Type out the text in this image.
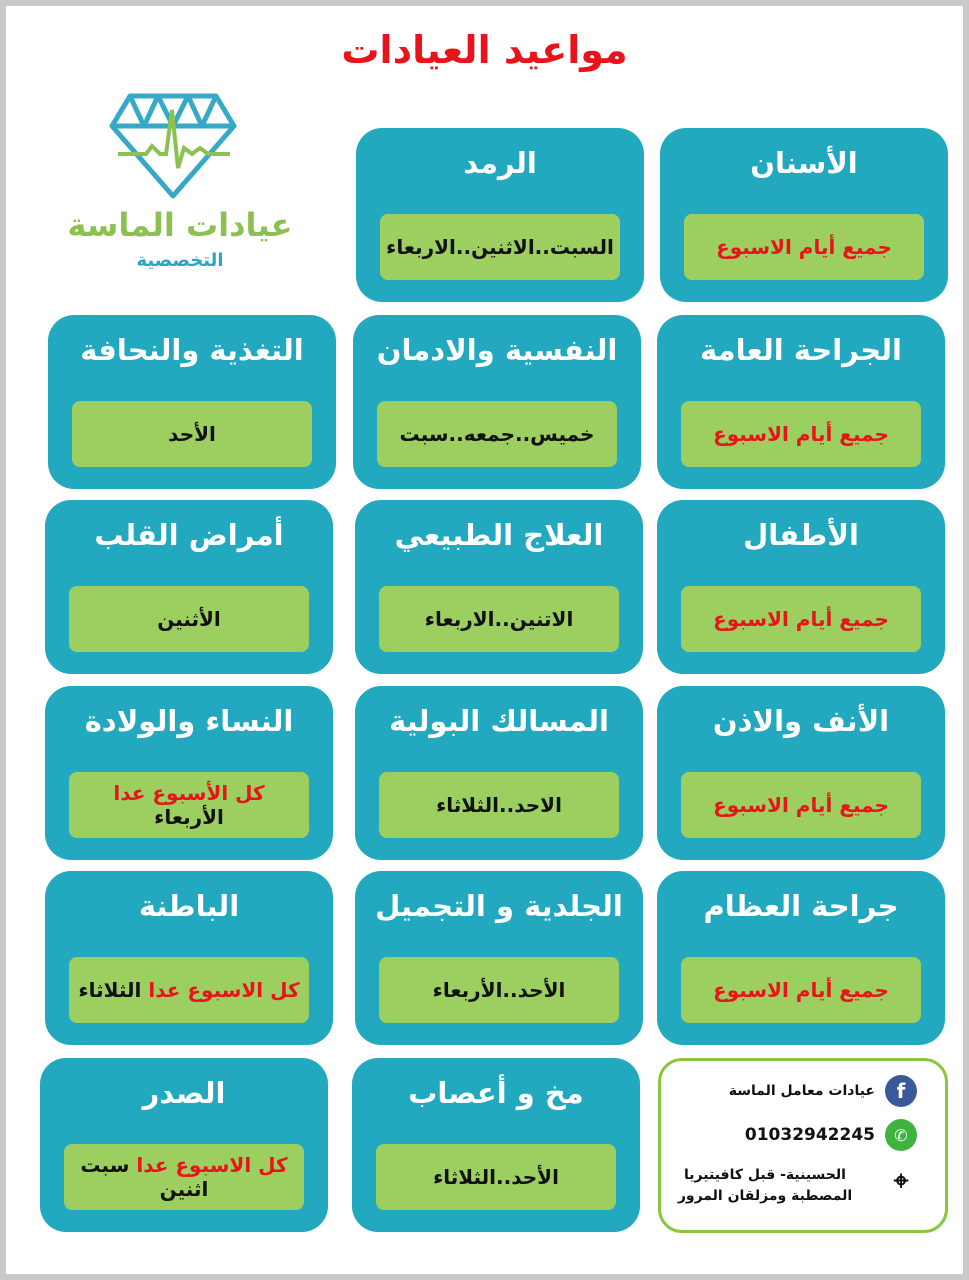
مواعيد العيادات
عيادات الماسة
التخصصية
الأسنان
جميع أيام الاسبوع
الرمد
السبت..الاثنين..الاربعاء
الجراحة العامة
جميع أيام الاسبوع
النفسية والادمان
خميس..جمعه..سبت
التغذية والنحافة
الأحد
الأطفال
جميع أيام الاسبوع
العلاج الطبيعي
الاتنين..الاربعاء
أمراض القلب
الأثنين
الأنف والاذن
جميع أيام الاسبوع
المسالك البولية
الاحد..الثلاثاء
النساء والولادة
كل الأسبوع عدا الأربعاء
جراحة العظام
جميع أيام الاسبوع
الجلدية و التجميل
الأحد..الأربعاء
الباطنة
كل الاسبوع عدا الثلاثاء
مخ و أعصاب
الأحد..الثلاثاء
الصدر
كل الاسبوع عدا سبت اثنين
f
عيادات معامل الماسة
✆
01032942245
⌖
الحسينية- قبل كافيتيريا المصطبة ومزلقان المرور
